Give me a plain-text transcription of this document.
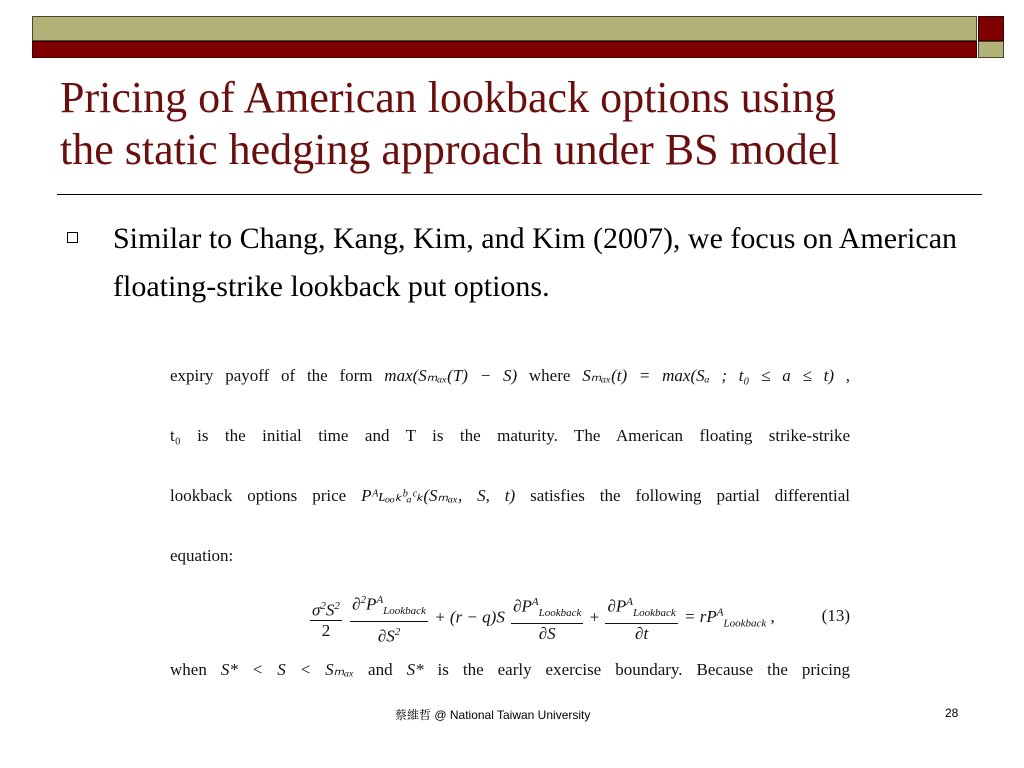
Pricing of American lookback options using
the static hedging approach under BS model

Similar to Chang, Kang, Kim, and Kim (2007), we focus on American floating-strike lookback put options.

expiry payoff of the form max(Sₘₐₓ(T) − S) where Sₘₐₓ(t) = max(Sₐ ; t₀ ≤ a ≤ t) ,
t₀ is the initial time and T is the maturity. The American floating strike-strike
lookback options price Pᴬʟₒₒₖᵇₐᶜₖ(Sₘₐₓ, S, t) satisfies the following partial differential
equation:
$\frac{\sigma^2S^2}{2}$
$\frac{\partial^2P^A_{Lookback}}{\partial S^2} + (r - q)S \frac{\partial P^A_{Lookback}}{\partial S} + \frac{\partial P^A_{Lookback}}{\partial t} = rP^A_{Lookback}$ ,	(13)
when S* < S < Sₘₐₓ and S* is the early exercise boundary. Because the pricing
蔡維哲 @ National Taiwan University	28
